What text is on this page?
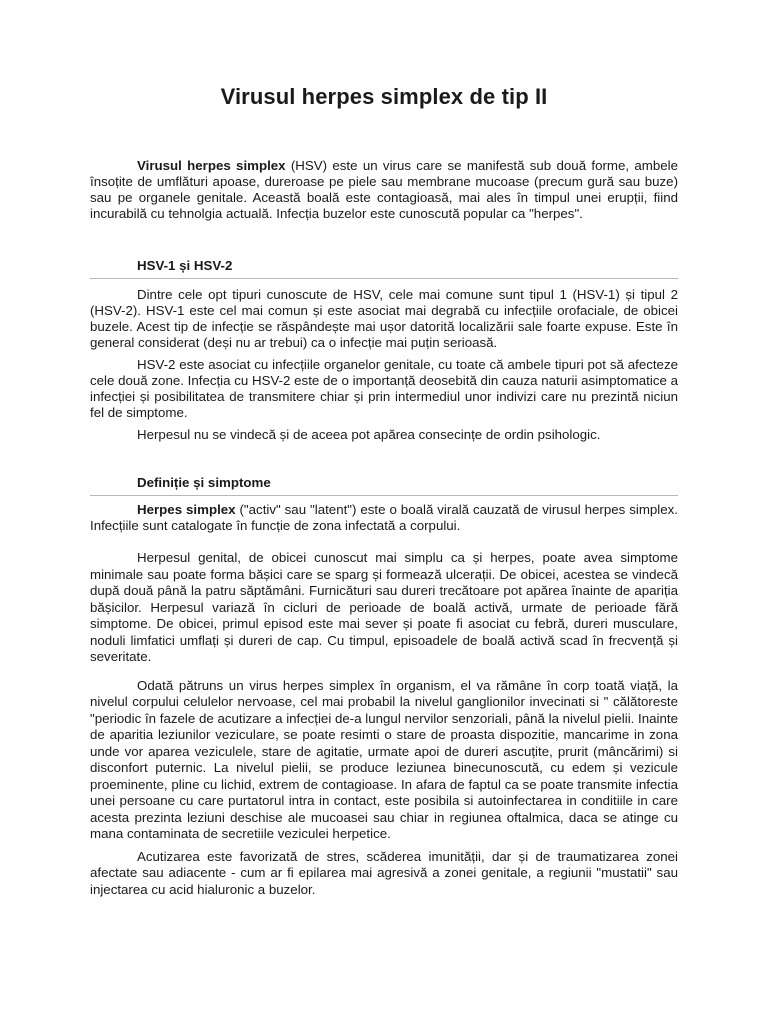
Virusul herpes simplex de tip II

Virusul herpes simplex (HSV) este un virus care se manifestă sub două forme, ambele însoțite de umflături apoase, dureroase pe piele sau membrane mucoase (precum gură sau buze) sau pe organele genitale. Această boală este contagioasă, mai ales în timpul unei erupții, fiind incurabilă cu tehnolgia actuală. Infecția buzelor este cunoscută popular ca "herpes".

HSV-1 și HSV-2

Dintre cele opt tipuri cunoscute de HSV, cele mai comune sunt tipul 1 (HSV-1) și tipul 2 (HSV-2). HSV-1 este cel mai comun și este asociat mai degrabă cu infecțiile orofaciale, de obicei buzele. Acest tip de infecție se răspândește mai ușor datorită localizării sale foarte expuse. Este în general considerat (deși nu ar trebui) ca o infecție mai puțin serioasă.

HSV-2 este asociat cu infecțiile organelor genitale, cu toate că ambele tipuri pot să afecteze cele două zone. Infecția cu HSV-2 este de o importanță deosebită din cauza naturii asimptomatice a infecției și posibilitatea de transmitere chiar și prin intermediul unor indivizi care nu prezintă niciun fel de simptome.

Herpesul nu se vindecă și de aceea pot apărea consecințe de ordin psihologic.

Definiție și simptome

Herpes simplex ("activ" sau "latent") este o boală virală cauzată de virusul herpes simplex. Infecțiile sunt catalogate în funcție de zona infectată a corpului.

Herpesul genital, de obicei cunoscut mai simplu ca și herpes, poate avea simptome minimale sau poate forma bășici care se sparg și formează ulcerații. De obicei, acestea se vindecă după două până la patru săptămâni. Furnicături sau dureri trecătoare pot apărea înainte de apariția bășicilor. Herpesul variază în cicluri de perioade de boală activă, urmate de perioade fără simptome. De obicei, primul episod este mai sever și poate fi asociat cu febră, dureri musculare, noduli limfatici umflați și dureri de cap. Cu timpul, episoadele de boală activă scad în frecvență și severitate.

Odată pătruns un virus herpes simplex în organism, el va rămâne în corp toată viață, la nivelul corpului celulelor nervoase, cel mai probabil la nivelul ganglionilor invecinati si " călătoreste "periodic în fazele de acutizare a infecției de-a lungul nervilor senzoriali, până la nivelul pielii. Inainte de aparitia leziunilor veziculare, se poate resimti o stare de proasta dispozitie, mancarime in zona unde vor aparea veziculele, stare de agitatie, urmate apoi de dureri ascuțite, prurit (mâncărimi) si disconfort puternic. La nivelul pielii, se produce leziunea binecunoscută, cu edem și vezicule proeminente, pline cu lichid, extrem de contagioase. In afara de faptul ca se poate transmite infectia unei persoane cu care purtatorul intra in contact, este posibila si autoinfectarea in conditiile in care acesta prezinta leziuni deschise ale mucoaseі sau chiar in regiunea oftalmica, daca se atinge cu mana contaminata de secretiile veziculei herpetice.

Acutizarea este favorizată de stres, scăderea imunității, dar și de traumatizarea zonei afectate sau adiacente - cum ar fi epilarea mai agresivă a zonei genitale, a regiunii "mustatii" sau injectarea cu acid hialuronic a buzelor.
